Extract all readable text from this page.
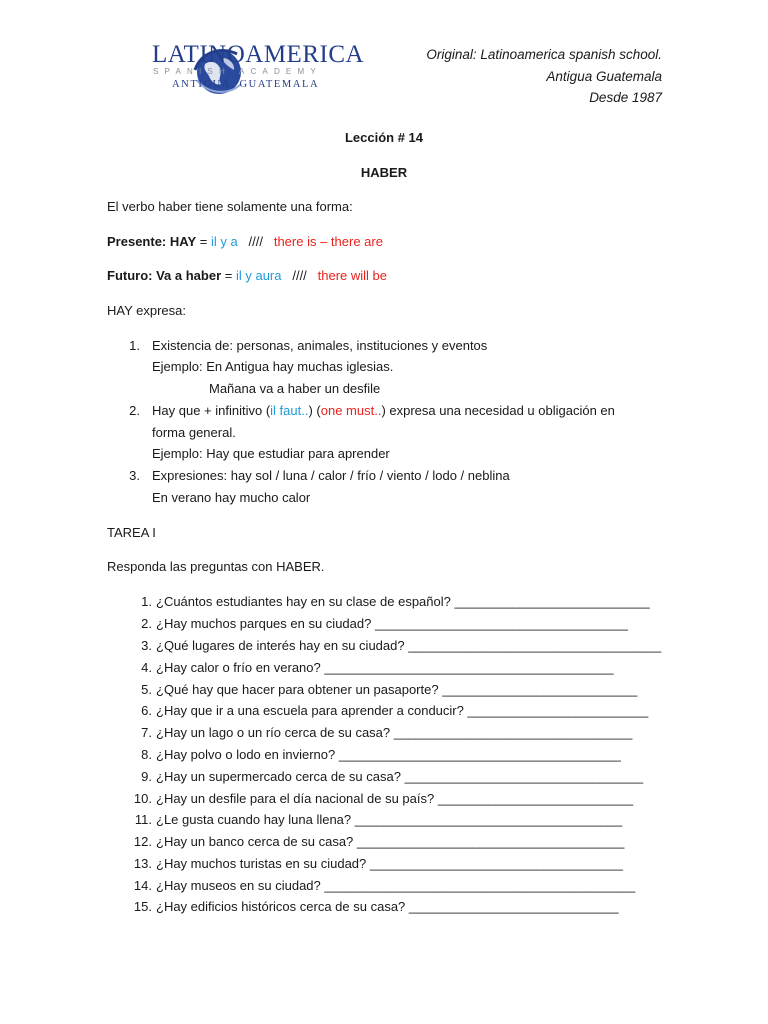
LATINOAMERICA
SPANISH ACADEMY
ANTIGUA, GUATEMALA
Original: Latinoamerica spanish school.
Antigua Guatemala
Desde 1987
Lección # 14
HABER
El verbo haber tiene solamente una forma:
Presente: HAY = il y a //// there is – there are
Futuro: Va a haber = il y aura //// there will be
HAY expresa:
1. Existencia de: personas, animales, instituciones y eventos
Ejemplo: En Antigua hay muchas iglesias.
Mañana va a haber un desfile
2. Hay que + infinitivo (il faut..) (one must..) expresa una necesidad u obligación en
forma general.
Ejemplo: Hay que estudiar para aprender
3. Expresiones: hay sol / luna / calor / frío / viento / lodo / neblina
En verano hay mucho calor
TAREA I
Responda las preguntas con HABER.
1. ¿Cuántos estudiantes hay en su clase de español? ___________________________
2. ¿Hay muchos parques en su ciudad? ___________________________________
3. ¿Qué lugares de interés hay en su ciudad? ___________________________________
4. ¿Hay calor o frío en verano? ________________________________________
5. ¿Qué hay que hacer para obtener un pasaporte? ___________________________
6. ¿Hay que ir a una escuela para aprender a conducir? _________________________
7. ¿Hay un lago o un río cerca de su casa? _________________________________
8. ¿Hay polvo o lodo en invierno? _______________________________________
9. ¿Hay un supermercado cerca de su casa? _________________________________
10. ¿Hay un desfile para el día nacional de su país? ___________________________
11. ¿Le gusta cuando hay luna llena? _____________________________________
12. ¿Hay un banco cerca de su casa? _____________________________________
13. ¿Hay muchos turistas en su ciudad? ___________________________________
14. ¿Hay museos en su ciudad? ___________________________________________
15. ¿Hay edificios históricos cerca de su casa? _____________________________
